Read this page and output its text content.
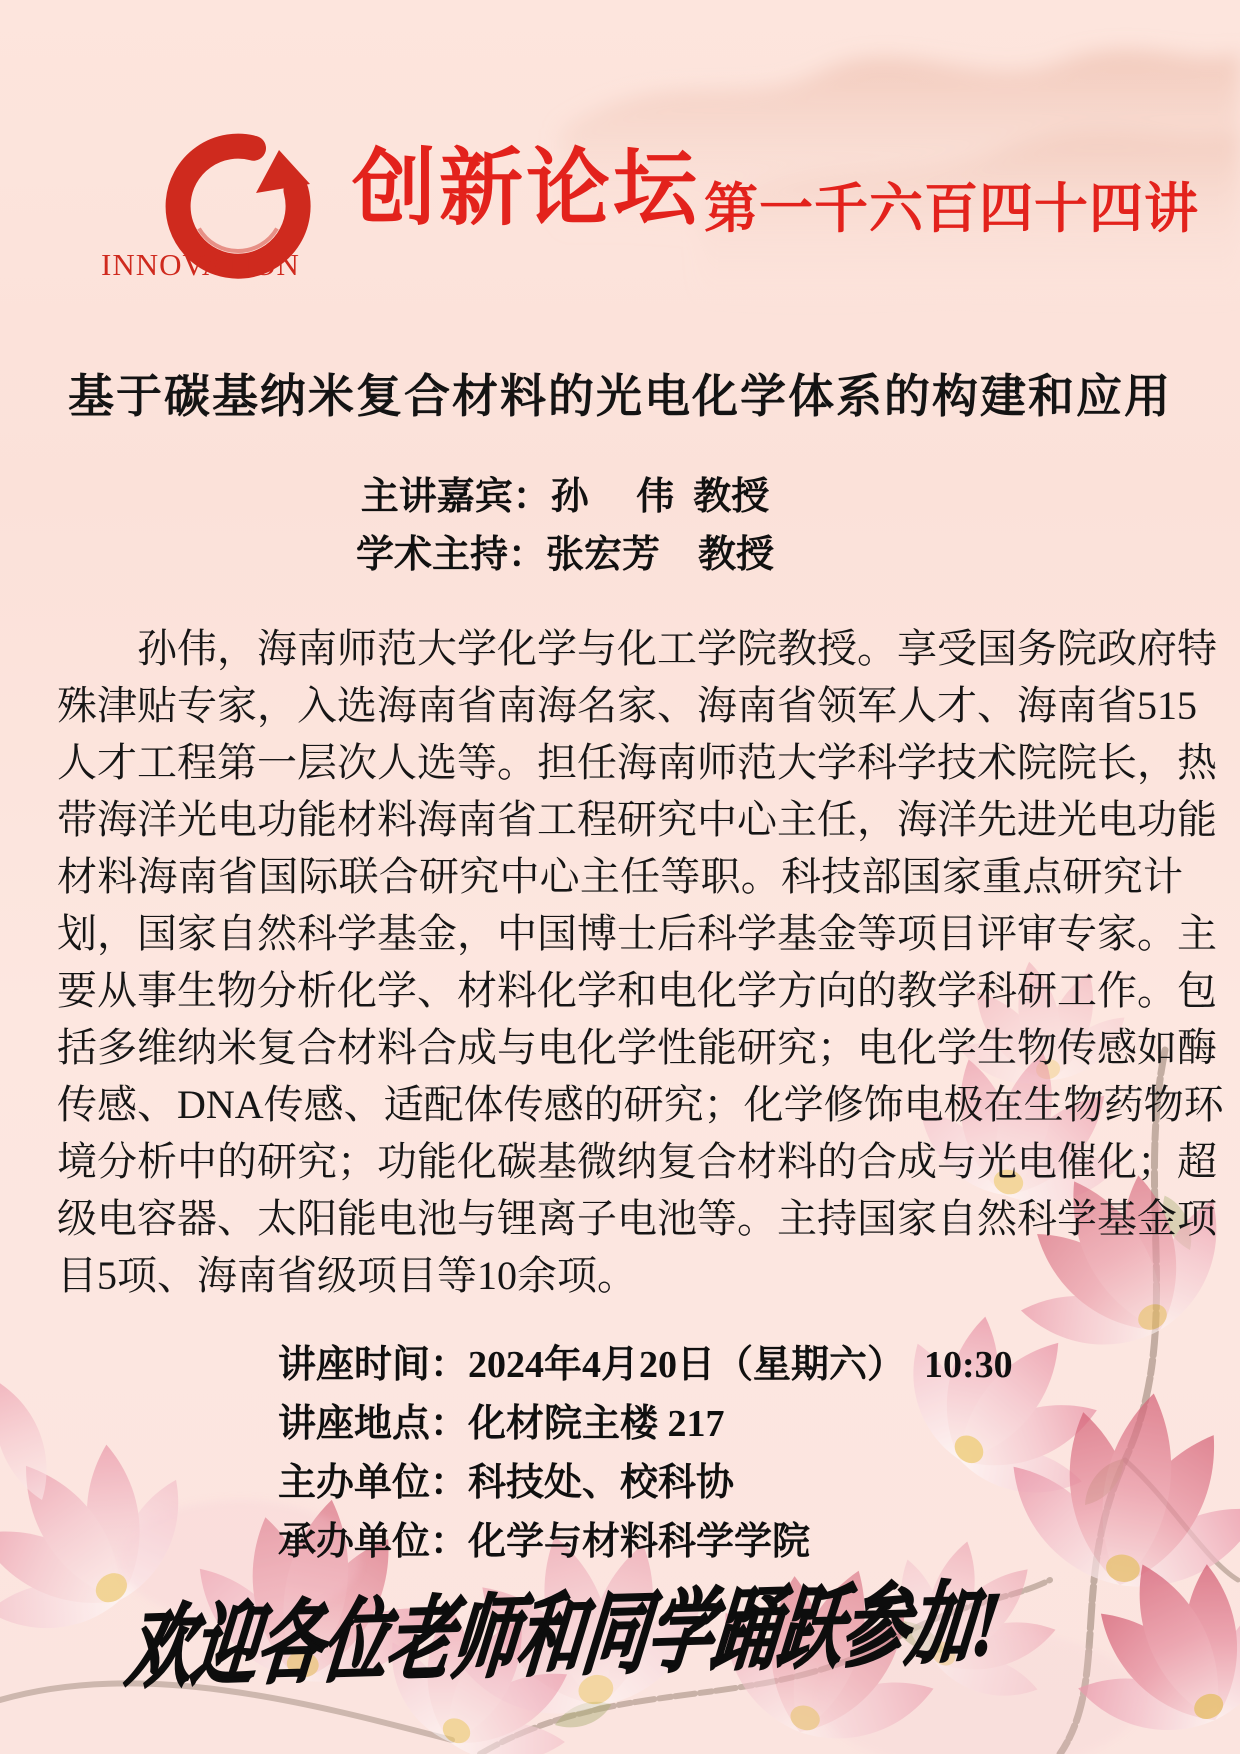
INNOVATION
创新论坛 第一千六百四十四讲
基于碳基纳米复合材料的光电化学体系的构建和应用

主讲嘉宾：孙　 伟  教授

学术主持：张宏芳　教授

孙伟，海南师范大学化学与化工学院教授。享受国务院政府特
殊津贴专家，入选海南省南海名家、海南省领军人才、海南省515
人才工程第一层次人选等。担任海南师范大学科学技术院院长，热
带海洋光电功能材料海南省工程研究中心主任，海洋先进光电功能
材料海南省国际联合研究中心主任等职。科技部国家重点研究计
划，国家自然科学基金，中国博士后科学基金等项目评审专家。主
要从事生物分析化学、材料化学和电化学方向的教学科研工作。包
括多维纳米复合材料合成与电化学性能研究；电化学生物传感如酶
传感、DNA传感、适配体传感的研究；化学修饰电极在生物药物环
境分析中的研究；功能化碳基微纳复合材料的合成与光电催化；超
级电容器、太阳能电池与锂离子电池等。主持国家自然科学基金项
目5项、海南省级项目等10余项。
讲座时间：2024年4月20日（星期六）　10:30
讲座地点：化材院主楼 217
主办单位：科技处、校科协
承办单位：化学与材料科学学院
欢迎各位老师和同学踊跃参加!
